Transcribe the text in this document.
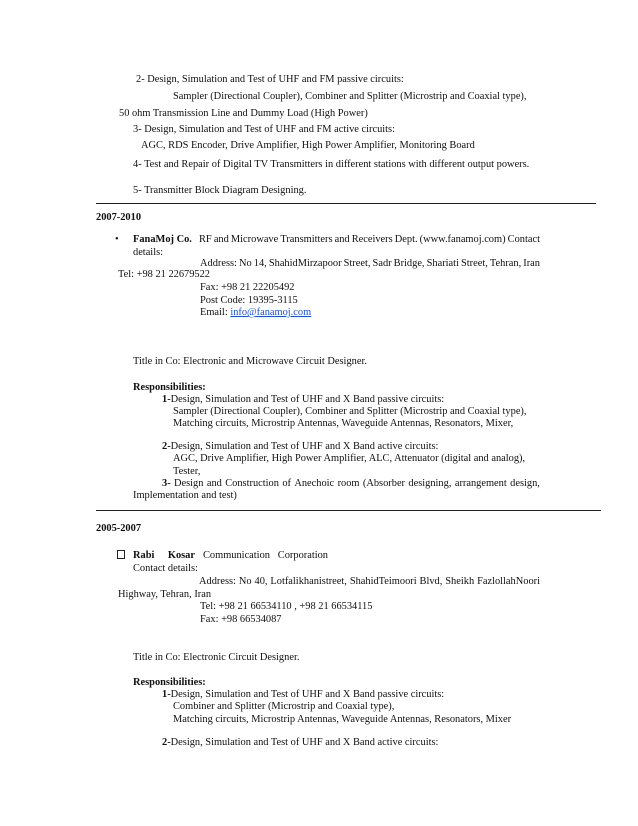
2- Design, Simulation and Test of UHF and FM passive circuits:
Sampler (Directional Coupler), Combiner and Splitter (Microstrip and Coaxial type),
50 ohm Transmission Line and Dummy Load (High Power)
3- Design, Simulation and Test of UHF and FM active circuits:
AGC, RDS Encoder, Drive Amplifier, High Power Amplifier, Monitoring Board
4- Test and Repair of Digital TV Transmitters in different stations with different output powers.
5- Transmitter Block Diagram Designing.
2007-2010
• FanaMoj Co. RF and Microwave Transmitters and Receivers Dept. (www.fanamoj.com) Contact
details:
Address: No 14, ShahidMirzapoor Street, Sadr Bridge, Shariati Street, Tehran, Iran
Tel: +98 21 22679522
Fax: +98 21 22205492
Post Code: 19395-3115
Email: info@fanamoj.com
Title in Co: Electronic and Microwave Circuit Designer.
Responsibilities:
1-Design, Simulation and Test of UHF and X Band passive circuits:
Sampler (Directional Coupler), Combiner and Splitter (Microstrip and Coaxial type),
Matching circuits, Microstrip Antennas, Waveguide Antennas, Resonators, Mixer,
2-Design, Simulation and Test of UHF and X Band active circuits:
AGC, Drive Amplifier, High Power Amplifier, ALC, Attenuator (digital and analog),
Tester,
3- Design and Construction of Anechoic room (Absorber designing, arrangement design,
Implementation and test)
2005-2007
Rabi Kosar Communication Corporation
Contact details:
Address: No 40, Lotfalikhanistreet, ShahidTeimoori Blvd, Sheikh FazlollahNoori
Highway, Tehran, Iran
Tel: +98 21 66534110 , +98 21 66534115
Fax: +98 66534087
Title in Co: Electronic Circuit Designer.
Responsibilities:
1-Design, Simulation and Test of UHF and X Band passive circuits:
Combiner and Splitter (Microstrip and Coaxial type),
Matching circuits, Microstrip Antennas, Waveguide Antennas, Resonators, Mixer
2-Design, Simulation and Test of UHF and X Band active circuits:
